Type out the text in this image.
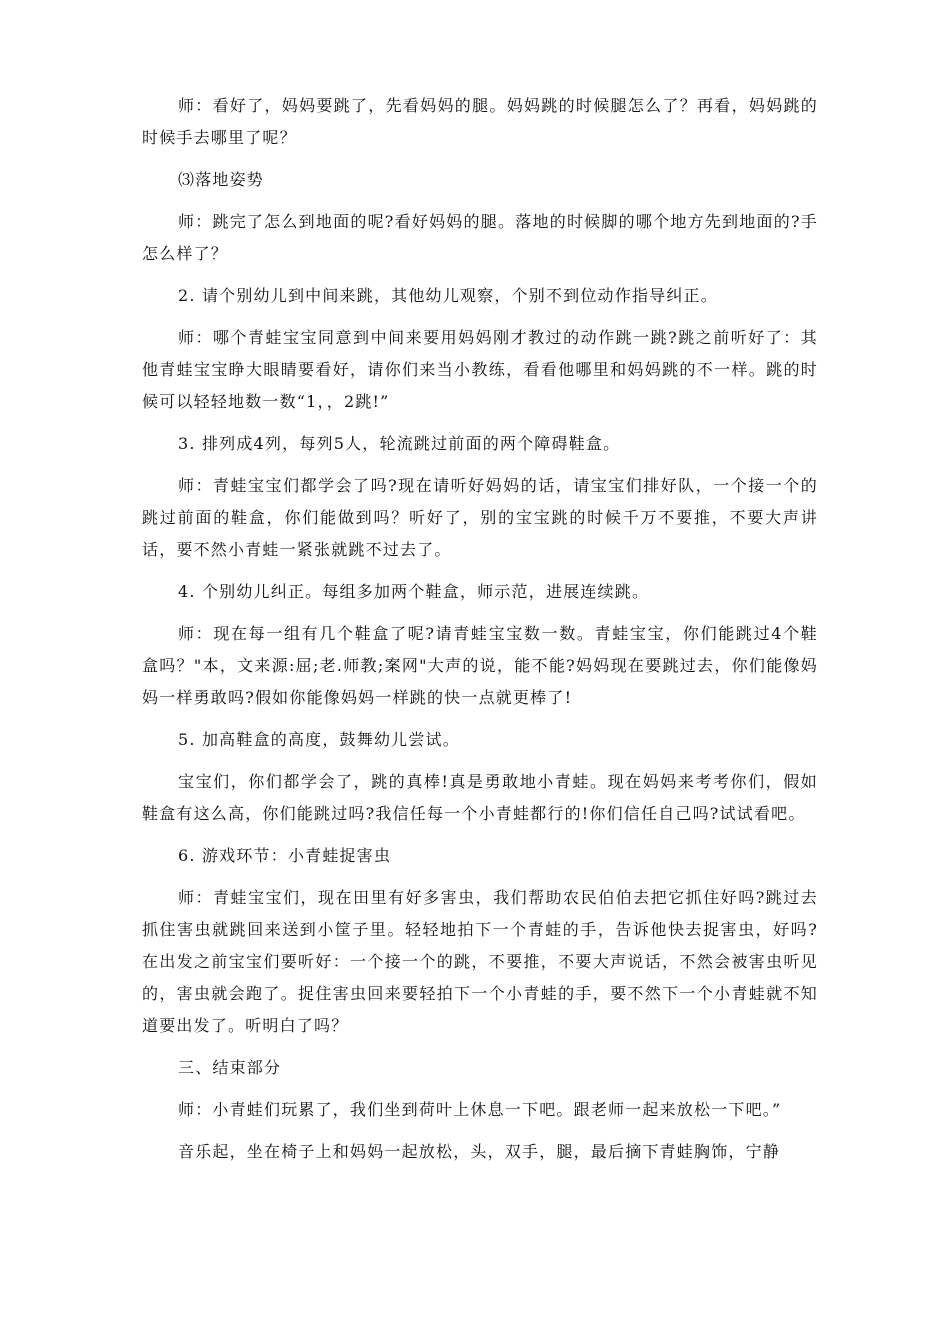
师：看好了，妈妈要跳了，先看妈妈的腿。妈妈跳的时候腿怎么了？再看，妈妈跳的时候手去哪里了呢？

⑶落地姿势

师：跳完了怎么到地面的呢?看好妈妈的腿。落地的时候脚的哪个地方先到地面的?手怎么样了？

2. 请个别幼儿到中间来跳，其他幼儿观察，个别不到位动作指导纠正。

师：哪个青蛙宝宝同意到中间来要用妈妈刚才教过的动作跳一跳?跳之前听好了：其他青蛙宝宝睁大眼睛要看好，请你们来当小教练，看看他哪里和妈妈跳的不一样。跳的时候可以轻轻地数一数“1，，2跳!”

3. 排列成4列，每列5人，轮流跳过前面的两个障碍鞋盒。

师：青蛙宝宝们都学会了吗?现在请听好妈妈的话，请宝宝们排好队，一个接一个的跳过前面的鞋盒，你们能做到吗？听好了，别的宝宝跳的时候千万不要推，不要大声讲话，要不然小青蛙一紧张就跳不过去了。

4. 个别幼儿纠正。每组多加两个鞋盒，师示范，进展连续跳。

师：现在每一组有几个鞋盒了呢?请青蛙宝宝数一数。青蛙宝宝，你们能跳过4个鞋盒吗？"本，文来源:屈;老.师教;案网"大声的说，能不能?妈妈现在要跳过去，你们能像妈妈一样勇敢吗?假如你能像妈妈一样跳的快一点就更棒了!

5. 加高鞋盒的高度，鼓舞幼儿尝试。

宝宝们，你们都学会了，跳的真棒!真是勇敢地小青蛙。现在妈妈来考考你们，假如鞋盒有这么高，你们能跳过吗?我信任每一个小青蛙都行的!你们信任自己吗?试试看吧。

6. 游戏环节：小青蛙捉害虫

师：青蛙宝宝们，现在田里有好多害虫，我们帮助农民伯伯去把它抓住好吗?跳过去抓住害虫就跳回来送到小筐子里。轻轻地拍下一个青蛙的手，告诉他快去捉害虫，好吗?在出发之前宝宝们要听好：一个接一个的跳，不要推，不要大声说话，不然会被害虫听见的，害虫就会跑了。捉住害虫回来要轻拍下一个小青蛙的手，要不然下一个小青蛙就不知道要出发了。听明白了吗？

三、结束部分

师：小青蛙们玩累了，我们坐到荷叶上休息一下吧。跟老师一起来放松一下吧。”

音乐起，坐在椅子上和妈妈一起放松，头，双手，腿，最后摘下青蛙胸饰，宁静
